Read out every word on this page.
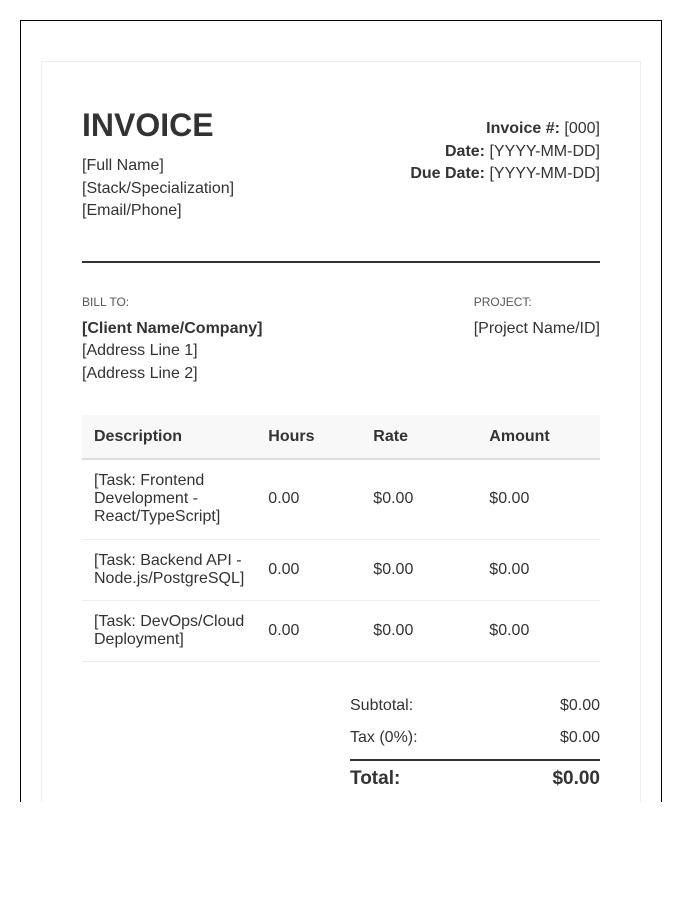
INVOICE
[Full Name]
[Stack/Specialization]
[Email/Phone]
Invoice #: [000]
Date: [YYYY-MM-DD]
Due Date: [YYYY-MM-DD]
BILL TO:
[Client Name/Company]
[Address Line 1]
[Address Line 2]
PROJECT:
[Project Name/ID]
Description	Hours	Rate	Amount
[Task: Frontend Development - React/TypeScript]	0.00	$0.00	$0.00
[Task: Backend API - Node.js/PostgreSQL]	0.00	$0.00	$0.00
[Task: DevOps/Cloud Deployment]	0.00	$0.00	$0.00
Subtotal:	$0.00
Tax (0%):	$0.00
Total:	$0.00
